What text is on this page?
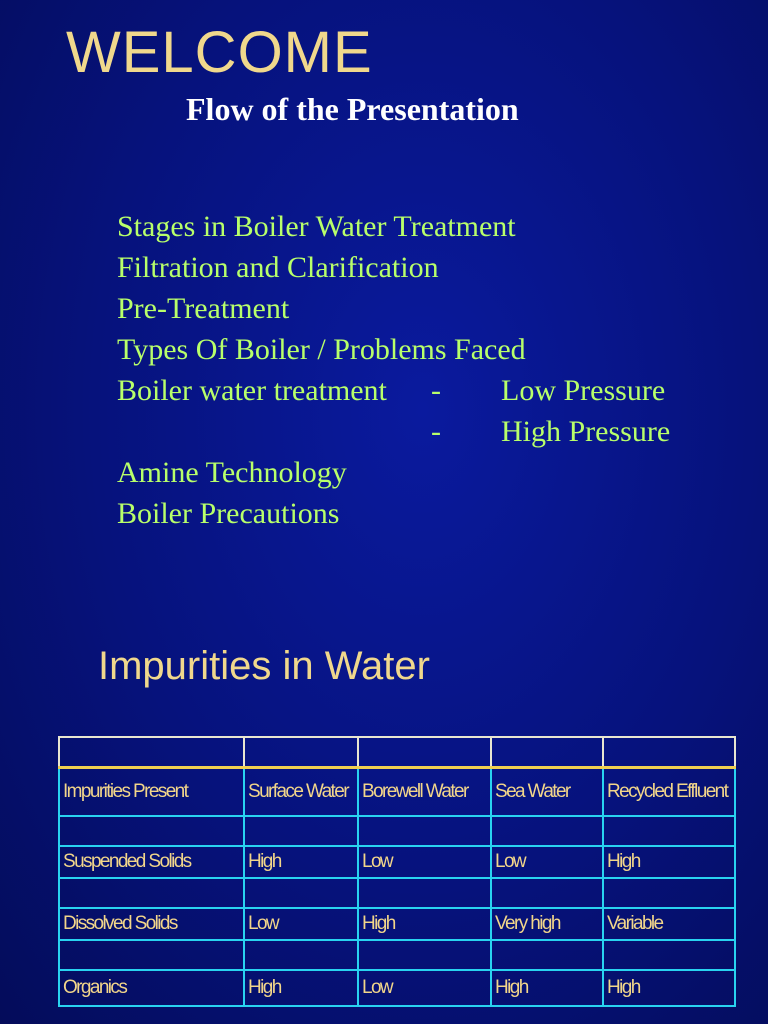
WELCOME
Flow of the Presentation
Stages in Boiler Water Treatment
Filtration and Clarification
Pre-Treatment
Types Of Boiler / Problems Faced
Boiler water treatment - Low Pressure
- High Pressure
Amine Technology
Boiler Precautions
Impurities in Water

Impurities Present	Surface Water	Borewell Water	Sea Water	Recycled Effluent

Suspended Solids	High	Low	Low	High

Dissolved Solids	Low	High	Very high	Variable

Organics	High	Low	High	High
